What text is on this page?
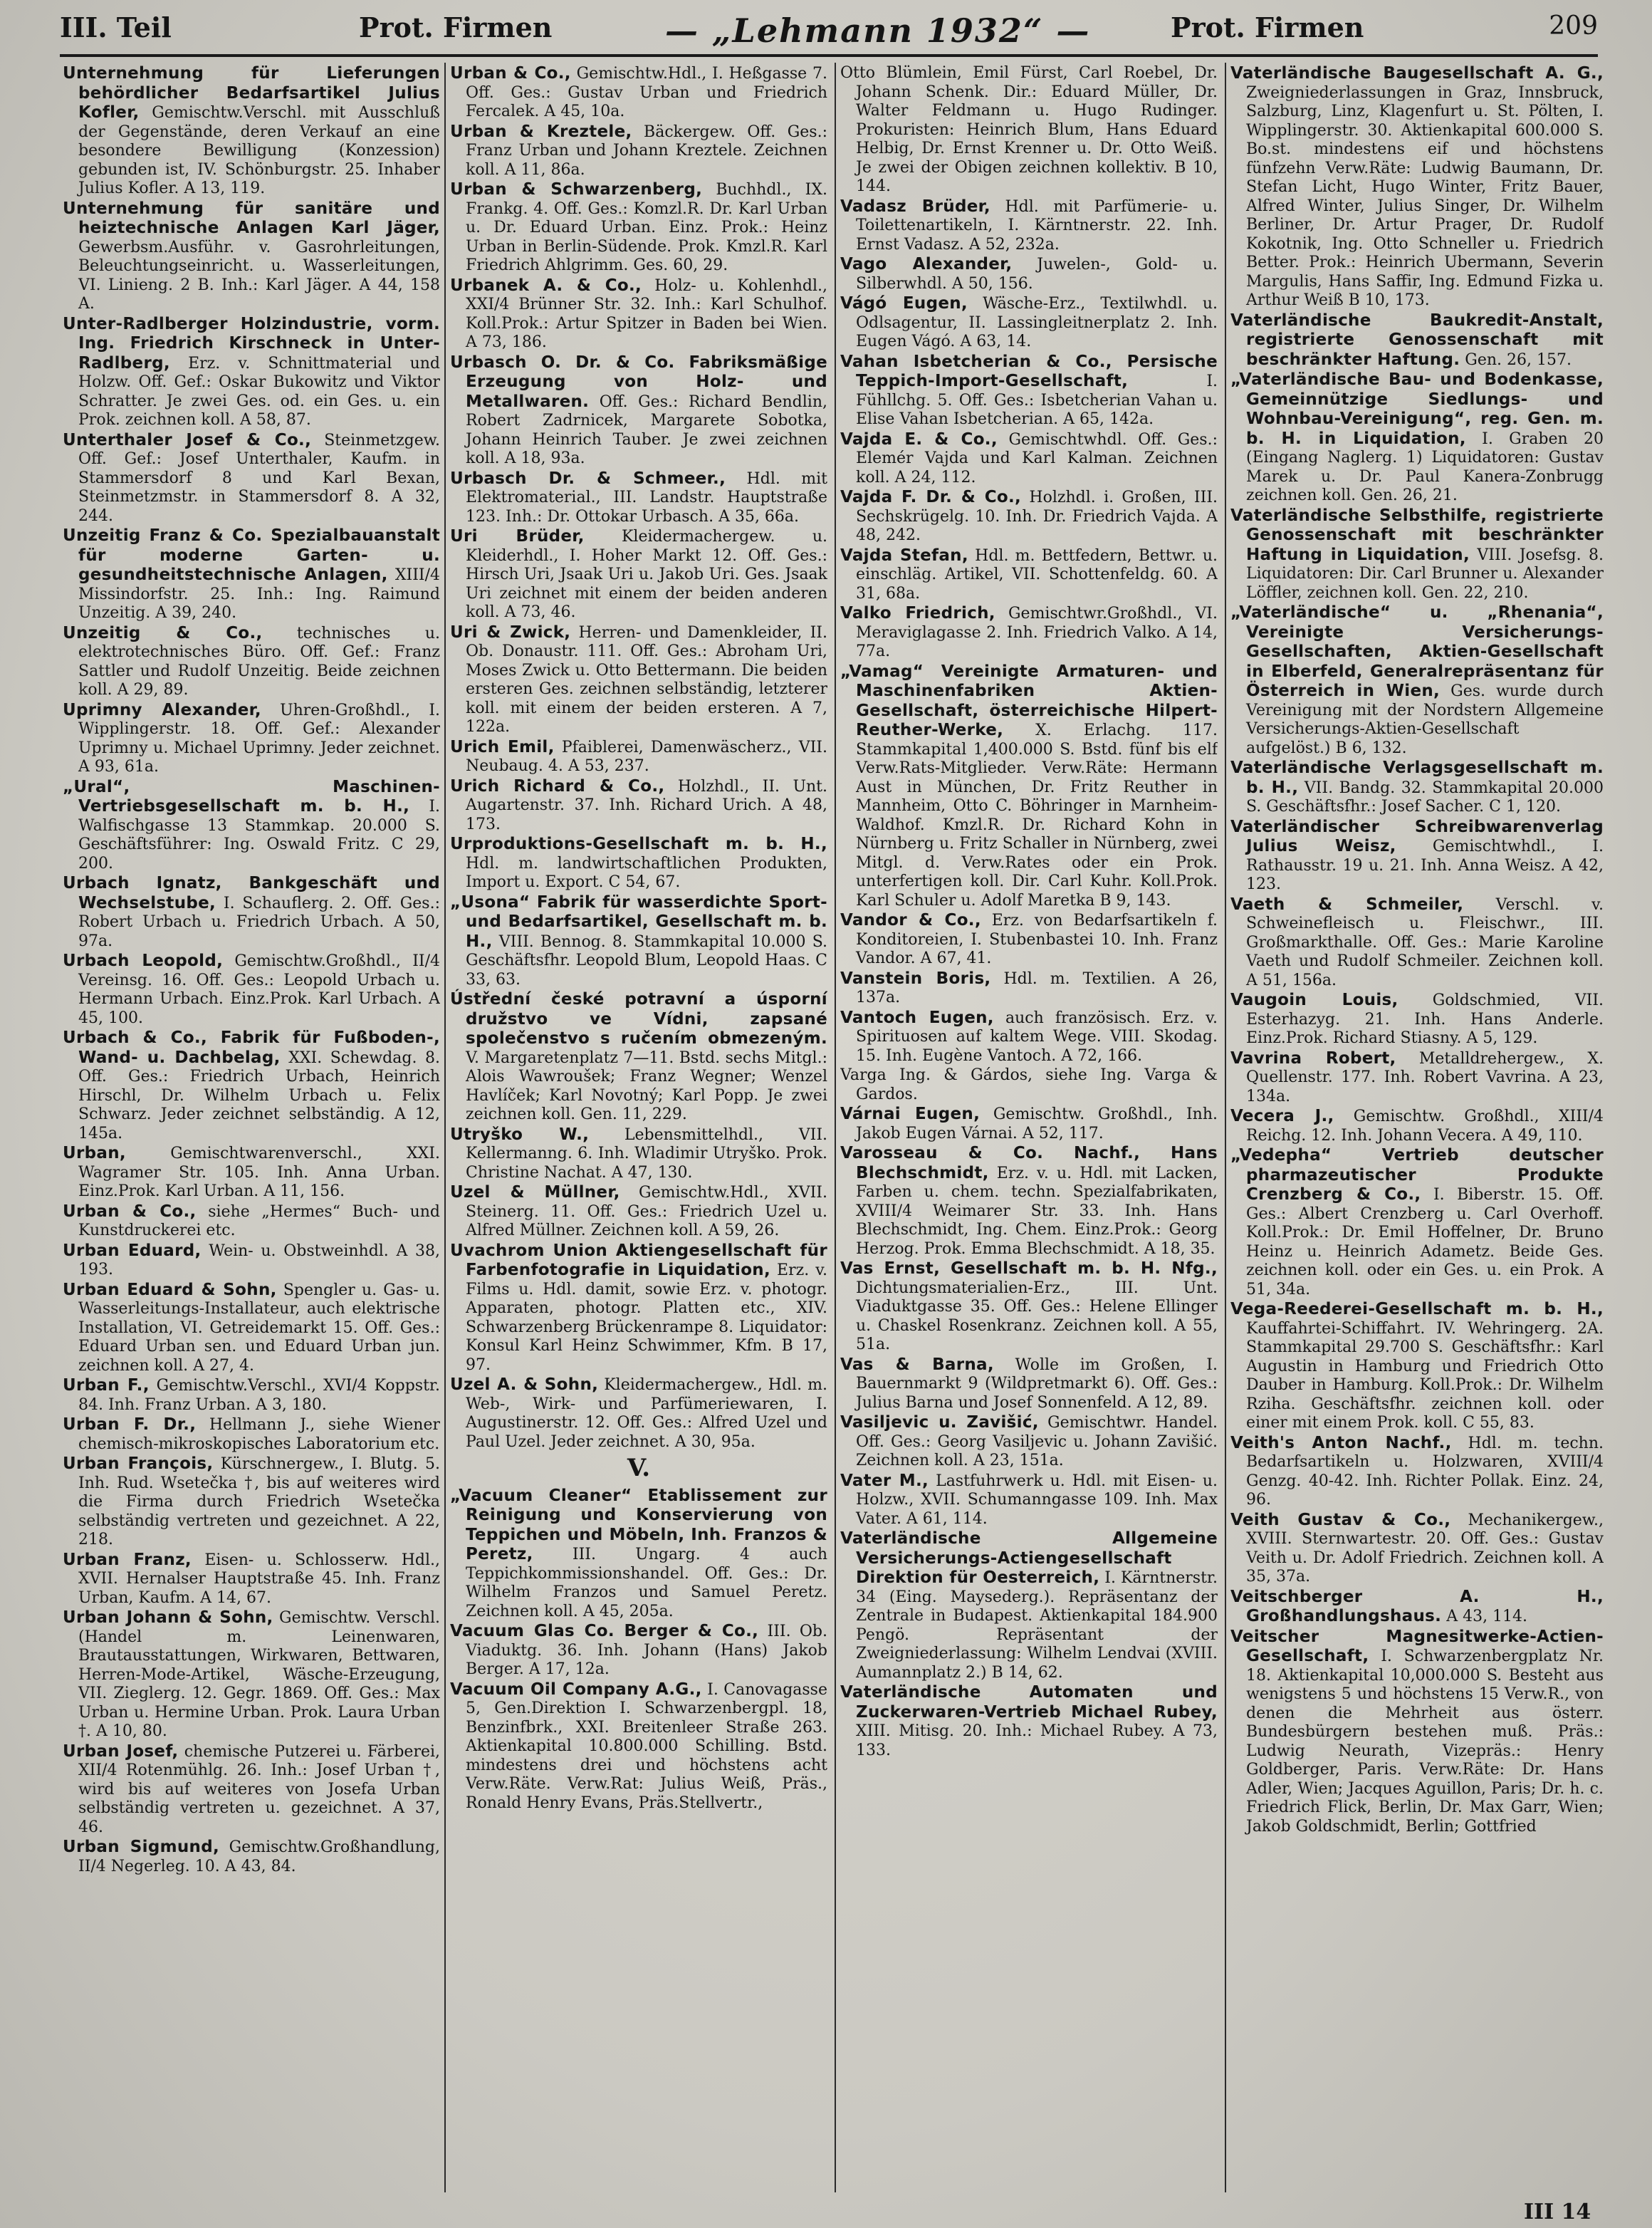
III. Teil	Prot. Firmen	— „Lehmann 1932“ —	Prot. Firmen	209

Unternehmung für Lieferungen behördlicher Bedarfsartikel Julius Kofler, Gemischtw.Verschl. mit Ausschluß der Gegenstände, deren Verkauf an eine besondere Bewilligung (Konzession) gebunden ist, IV. Schönburgstr. 25. Inhaber Julius Kofler. A 13, 119.

Unternehmung für sanitäre und heiztechnische Anlagen Karl Jäger, Gewerbsm.Ausführ. v. Gasrohrleitungen, Beleuchtungseinricht. u. Wasserleitungen, VI. Linieng. 2 B. Inh.: Karl Jäger. A 44, 158 A.

Unter-Radlberger Holzindustrie, vorm. Ing. Friedrich Kirschneck in Unter-Radlberg, Erz. v. Schnittmaterial und Holzw. Off. Gef.: Oskar Bukowitz und Viktor Schratter. Je zwei Ges. od. ein Ges. u. ein Prok. zeichnen koll. A 58, 87.

Unterthaler Josef & Co., Steinmetzgew. Off. Gef.: Josef Unterthaler, Kaufm. in Stammersdorf 8 und Karl Bexan, Steinmetzmstr. in Stammersdorf 8. A 32, 244.

Unzeitig Franz & Co. Spezialbauanstalt für moderne Garten- u. gesundheitstechnische Anlagen, XIII/4 Missindorfstr. 25. Inh.: Ing. Raimund Unzeitig. A 39, 240.

Unzeitig & Co., technisches u. elektrotechnisches Büro. Off. Gef.: Franz Sattler und Rudolf Unzeitig. Beide zeichnen koll. A 29, 89.

Uprimny Alexander, Uhren-Großhdl., I. Wipplingerstr. 18. Off. Gef.: Alexander Uprimny u. Michael Uprimny. Jeder zeichnet. A 93, 61a.

„Ural“, Maschinen-Vertriebsgesellschaft m. b. H., I. Walfischgasse 13 Stammkap. 20.000 S. Geschäftsführer: Ing. Oswald Fritz. C 29, 200.

Urbach Ignatz, Bankgeschäft und Wechselstube, I. Schauflerg. 2. Off. Ges.: Robert Urbach u. Friedrich Urbach. A 50, 97a.

Urbach Leopold, Gemischtw.Großhdl., II/4 Vereinsg. 16. Off. Ges.: Leopold Urbach u. Hermann Urbach. Einz.Prok. Karl Urbach. A 45, 100.

Urbach & Co., Fabrik für Fußboden-, Wand- u. Dachbelag, XXI. Schewdag. 8. Off. Ges.: Friedrich Urbach, Heinrich Hirschl, Dr. Wilhelm Urbach u. Felix Schwarz. Jeder zeichnet selbständig. A 12, 145a.

Urban,	Gemischtwarenverschl., XXI. Wagramer Str. 105. Inh. Anna Urban. Einz.Prok. Karl Urban. A 11, 156.

Urban & Co., siehe „Hermes“ Buch- und Kunstdruckerei etc.

Urban Eduard, Wein- u. Obstweinhdl. A 38, 193.

Urban Eduard & Sohn, Spengler u. Gas- u. Wasserleitungs-Installateur, auch elektrische Installation, VI. Getreidemarkt 15. Off. Ges.: Eduard Urban sen. und Eduard Urban jun. zeichnen koll. A 27, 4.

Urban F., Gemischtw.Verschl., XVI/4 Koppstr. 84. Inh. Franz Urban. A 3, 180.

Urban F. Dr., Hellmann J., siehe Wiener chemisch-mikroskopisches Laboratorium etc.

Urban François, Kürschnergew., I. Blutg. 5. Inh. Rud. Wsetečka †, bis auf weiteres wird die Firma durch Friedrich Wsetečka selbständig vertreten und gezeichnet. A 22, 218.

Urban Franz, Eisen- u. Schlosserw. Hdl., XVII. Hernalser Hauptstraße 45. Inh. Franz Urban, Kaufm. A 14, 67.

Urban Johann & Sohn, Gemischtw. Verschl. (Handel m. Leinenwaren, Brautausstattungen, Wirkwaren, Bettwaren, Herren-Mode-Artikel, Wäsche-Erzeugung, VII. Zieglerg. 12. Gegr. 1869. Off. Ges.: Max Urban u. Hermine Urban. Prok. Laura Urban †. A 10, 80.

Urban Josef, chemische Putzerei u. Färberei, XII/4 Rotenmühlg. 26. Inh.: Josef Urban †, wird bis auf weiteres von Josefa Urban selbständig vertreten u. gezeichnet. A 37, 46.

Urban Sigmund, Gemischtw.Großhandlung, II/4 Negerleg. 10. A 43, 84.

Urban & Co., Gemischtw.Hdl., I. Heßgasse 7. Off. Ges.: Gustav Urban und Friedrich Fercalek. A 45, 10a.

Urban & Kreztele, Bäckergew. Off. Ges.: Franz Urban und Johann Kreztele. Zeichnen koll. A 11, 86a.

Urban & Schwarzenberg, Buchhdl., IX. Frankg. 4. Off. Ges.: Komzl.R. Dr. Karl Urban u. Dr. Eduard Urban. Einz. Prok.: Heinz Urban in Berlin-Südende. Prok. Kmzl.R. Karl Friedrich Ahlgrimm. Ges. 60, 29.

Urbanek A. & Co., Holz- u. Kohlenhdl., XXI/4 Brünner Str. 32. Inh.: Karl Schulhof. Koll.Prok.: Artur Spitzer in Baden bei Wien. A 73, 186.

Urbasch O. Dr. & Co. Fabriksmäßige Erzeugung von Holz- und Metallwaren. Off. Ges.: Richard Bendlin, Robert Zadrnicek, Margarete Sobotka, Johann Heinrich Tauber. Je zwei zeichnen koll. A 18, 93a.

Urbasch Dr. & Schmeer., Hdl. mit Elektromaterial., III. Landstr. Hauptstraße 123. Inh.: Dr. Ottokar Urbasch. A 35, 66a.

Uri Brüder, Kleidermachergew. u. Kleiderhdl., I. Hoher Markt 12. Off. Ges.: Hirsch Uri, Jsaak Uri u. Jakob Uri. Ges. Jsaak Uri zeichnet mit einem der beiden anderen koll. A 73, 46.

Uri & Zwick, Herren- und Damenkleider, II. Ob. Donaustr. 111. Off. Ges.: Abroham Uri, Moses Zwick u. Otto Bettermann. Die beiden ersteren Ges. zeichnen selbständig, letzterer koll. mit einem der beiden ersteren. A 7, 122a.

Urich Emil, Pfaiblerei, Damenwäscherz., VII. Neubaug. 4. A 53, 237.

Urich Richard & Co., Holzhdl., II. Unt. Augartenstr. 37. Inh. Richard Urich. A 48, 173.

Urproduktions-Gesellschaft m. b. H., Hdl. m. landwirtschaftlichen Produkten, Import u. Export. C 54, 67.

„Usona“ Fabrik für wasserdichte Sport- und Bedarfsartikel, Gesellschaft m. b. H., VIII. Bennog. 8. Stammkapital 10.000 S. Geschäftsfhr. Leopold Blum, Leopold Haas. C 33, 63.

Ústřední české potravní a úsporní družstvo ve Vídni, zapsané společenstvo s ručením obmezeným. V. Margaretenplatz 7—11. Bstd. sechs Mitgl.: Alois Wawroušek; Franz Wegner; Wenzel Havlíček; Karl Novotný; Karl Popp. Je zwei zeichnen koll. Gen. 11, 229.

Utryško W., Lebensmittelhdl., VII. Kellermanng. 6. Inh. Wladimir Utryško. Prok. Christine Nachat. A 47, 130.

Uzel & Müllner, Gemischtw.Hdl., XVII. Steinerg. 11. Off. Ges.: Friedrich Uzel u. Alfred Müllner. Zeichnen koll. A 59, 26.

Uvachrom Union Aktiengesellschaft für Farbenfotografie in Liquidation, Erz. v. Films u. Hdl. damit, sowie Erz. v. photogr. Apparaten, photogr. Platten etc., XIV. Schwarzenberg Brückenrampe 8. Liquidator: Konsul Karl Heinz Schwimmer, Kfm. B 17, 97.

Uzel A. & Sohn, Kleidermachergew., Hdl. m. Web-, Wirk- und Parfümeriewaren, I. Augustinerstr. 12. Off. Ges.: Alfred Uzel und Paul Uzel. Jeder zeichnet. A 30, 95a.

V.

„Vacuum Cleaner“ Etablissement zur Reinigung und Konservierung von Teppichen und Möbeln, Inh. Franzos & Peretz,	III. Ungarg. 4 auch Teppichkommissionshandel. Off. Ges.: Dr. Wilhelm Franzos und Samuel Peretz. Zeichnen koll. A 45, 205a.

Vacuum Glas Co. Berger & Co., III. Ob. Viaduktg. 36. Inh. Johann (Hans) Jakob Berger. A 17, 12a.

Vacuum Oil Company A.G., I. Canovagasse 5, Gen.Direktion I. Schwarzenbergpl. 18, Benzinfbrk., XXI. Breitenleer Straße 263. Aktienkapital 10.800.000 Schilling. Bstd. mindestens drei und höchstens acht Verw.Räte. Verw.Rat: Julius Weiß, Präs., Ronald Henry Evans, Präs.Stellvertr.,

Otto Blümlein, Emil Fürst, Carl Roebel, Dr. Johann Schenk. Dir.: Eduard Müller, Dr. Walter Feldmann u. Hugo Rudinger. Prokuristen: Heinrich Blum, Hans Eduard Helbig, Dr. Ernst Krenner u. Dr. Otto Weiß. Je zwei der Obigen zeichnen kollektiv. B 10, 144.

Vadasz Brüder, Hdl. mit Parfümerie- u. Toilettenartikeln, I. Kärntnerstr. 22. Inh. Ernst Vadasz. A 52, 232a.

Vago Alexander, Juwelen-, Gold- u. Silberwhdl. A 50, 156.

Vágó Eugen, Wäsche-Erz., Textilwhdl. u. Odlsagentur, II. Lassingleitnerplatz 2. Inh. Eugen Vágó. A 63, 14.

Vahan Isbetcherian & Co., Persische Teppich-Import-Gesellschaft,	I. Fühllchg. 5. Off. Ges.: Isbetcherian Vahan u. Elise Vahan Isbetcherian. A 65, 142a.

Vajda E. & Co., Gemischtwhdl. Off. Ges.: Elemér Vajda und Karl Kalman. Zeichnen koll. A 24, 112.

Vajda F. Dr. & Co., Holzhdl. i. Großen, III. Sechskrügelg. 10. Inh. Dr. Friedrich Vajda. A 48, 242.

Vajda Stefan, Hdl. m. Bettfedern, Bettwr. u. einschläg. Artikel, VII. Schottenfeldg. 60. A 31, 68a.

Valko Friedrich, Gemischtwr.Großhdl., VI. Meraviglagasse 2. Inh. Friedrich Valko. A 14, 77a.

„Vamag“ Vereinigte Armaturen- und Maschinenfabriken Aktien-Gesellschaft, österreichische Hilpert-Reuther-Werke, X. Erlachg. 117. Stammkapital 1,400.000 S. Bstd. fünf bis elf Verw.Rats-Mitglieder. Verw.Räte: Hermann Aust in München, Dr. Fritz Reuther in Mannheim, Otto C. Böhringer in Marnheim-Waldhof. Kmzl.R. Dr. Richard Kohn in Nürnberg u. Fritz Schaller in Nürnberg, zwei Mitgl. d. Verw.Rates oder ein Prok. unterfertigen koll. Dir. Carl Kuhr. Koll.Prok. Karl Schuler u. Adolf Maretka B 9, 143.

Vandor & Co., Erz. von Bedarfsartikeln f. Konditoreien, I. Stubenbastei 10. Inh. Franz Vandor. A 67, 41.

Vanstein Boris, Hdl. m. Textilien. A 26, 137a.

Vantoch Eugen, auch französisch. Erz. v. Spirituosen auf kaltem Wege. VIII. Skodag. 15. Inh. Eugène Vantoch. A 72, 166.

Varga Ing. & Gárdos, siehe Ing. Varga & Gardos.

Várnai Eugen, Gemischtw. Großhdl., Inh. Jakob Eugen Várnai. A 52, 117.

Varosseau & Co. Nachf., Hans Blechschmidt, Erz. v. u. Hdl. mit Lacken, Farben u. chem. techn. Spezialfabrikaten, XVIII/4 Weimarer Str. 33. Inh. Hans Blechschmidt, Ing. Chem. Einz.Prok.: Georg Herzog. Prok. Emma Blechschmidt. A 18, 35.

Vas Ernst, Gesellschaft m. b. H. Nfg., Dichtungsmaterialien-Erz., III. Unt. Viaduktgasse 35. Off. Ges.: Helene Ellinger u. Chaskel Rosenkranz. Zeichnen koll. A 55, 51a.

Vas & Barna, Wolle im Großen, I. Bauernmarkt 9 (Wildpretmarkt 6). Off. Ges.: Julius Barna und Josef Sonnenfeld. A 12, 89.

Vasiljevic u. Zavišić, Gemischtwr. Handel. Off. Ges.: Georg Vasiljevic u. Johann Zavišić. Zeichnen koll. A 23, 151a.

Vater M., Lastfuhrwerk u. Hdl. mit Eisen- u. Holzw., XVII. Schumanngasse 109. Inh. Max Vater. A 61, 114.

Vaterländische Allgemeine Versicherungs-Actiengesellschaft Direktion für Oesterreich, I. Kärntnerstr. 34 (Eing. Maysederg.). Repräsentanz der Zentrale in Budapest. Aktienkapital 184.900 Pengö. Repräsentant der Zweigniederlassung: Wilhelm Lendvai (XVIII. Aumannplatz 2.) B 14, 62.

Vaterländische Automaten und Zuckerwaren-Vertrieb Michael Rubey, XIII. Mitisg. 20. Inh.: Michael Rubey. A 73, 133.

Vaterländische Baugesellschaft A. G., Zweigniederlassungen in Graz, Innsbruck, Salzburg, Linz, Klagenfurt u. St. Pölten, I. Wipplingerstr. 30. Aktienkapital 600.000 S. Bo.st. mindestens eif und höchstens fünfzehn Verw.Räte: Ludwig Baumann, Dr. Stefan Licht, Hugo Winter, Fritz Bauer, Alfred Winter, Julius Singer, Dr. Wilhelm Berliner, Dr. Artur Prager, Dr. Rudolf Kokotnik, Ing. Otto Schneller u. Friedrich Better. Prok.: Heinrich Ubermann, Severin Margulis, Hans Saffir, Ing. Edmund Fizka u. Arthur Weiß B 10, 173.

Vaterländische Baukredit-Anstalt, registrierte Genossenschaft mit beschränkter Haftung. Gen. 26, 157.

„Vaterländische Bau- und Bodenkasse, Gemeinnützige Siedlungs- und Wohnbau-Vereinigung“, reg. Gen. m. b. H. in Liquidation, I. Graben 20 (Eingang Naglerg. 1) Liquidatoren: Gustav Marek u. Dr. Paul Kanera-Zonbrugg zeichnen koll. Gen. 26, 21.

Vaterländische Selbsthilfe, registrierte Genossenschaft mit beschränkter Haftung in Liquidation, VIII. Josefsg. 8. Liquidatoren: Dir. Carl Brunner u. Alexander Löffler, zeichnen koll. Gen. 22, 210.

„Vaterländische“ u. „Rhenania“, Vereinigte Versicherungs-Gesellschaften, Aktien-Gesellschaft in Elberfeld, Generalrepräsentanz für Österreich in Wien, Ges. wurde durch Vereinigung mit der Nordstern Allgemeine Versicherungs-Aktien-Gesellschaft aufgelöst.) B 6, 132.

Vaterländische Verlagsgesellschaft m. b. H., VII. Bandg. 32. Stammkapital 20.000 S. Geschäftsfhr.: Josef Sacher. C 1, 120.

Vaterländischer Schreibwarenverlag Julius Weisz, Gemischtwhdl., I. Rathausstr. 19 u. 21. Inh. Anna Weisz. A 42, 123.

Vaeth & Schmeiler, Verschl. v. Schweinefleisch u. Fleischwr., III. Großmarkthalle. Off. Ges.: Marie Karoline Vaeth und Rudolf Schmeiler. Zeichnen koll. A 51, 156a.

Vaugoin Louis, Goldschmied, VII. Esterhazyg. 21. Inh. Hans Anderle. Einz.Prok. Richard Stiasny. A 5, 129.

Vavrina Robert, Metalldrehergew., X. Quellenstr. 177. Inh. Robert Vavrina. A 23, 134a.

Vecera J., Gemischtw. Großhdl., XIII/4 Reichg. 12. Inh. Johann Vecera. A 49, 110.

„Vedepha“ Vertrieb deutscher pharmazeutischer Produkte Crenzberg & Co., I. Biberstr. 15. Off. Ges.: Albert Crenzberg u. Carl Overhoff. Koll.Prok.: Dr. Emil Hoffelner, Dr. Bruno Heinz u. Heinrich Adametz. Beide Ges. zeichnen koll. oder ein Ges. u. ein Prok. A 51, 34a.

Vega-Reederei-Gesellschaft m. b. H., Kauffahrtei-Schiffahrt. IV. Wehringerg. 2A. Stammkapital 29.700 S. Geschäftsfhr.: Karl Augustin in Hamburg und Friedrich Otto Dauber in Hamburg. Koll.Prok.: Dr. Wilhelm Rziha. Geschäftsfhr. zeichnen koll. oder einer mit einem Prok. koll. C 55, 83.

Veith's Anton Nachf., Hdl. m. techn. Bedarfsartikeln u. Holzwaren, XVIII/4 Genzg. 40-42. Inh. Richter Pollak. Einz. 24, 96.

Veith Gustav & Co., Mechanikergew., XVIII. Sternwartestr. 20. Off. Ges.: Gustav Veith u. Dr. Adolf Friedrich. Zeichnen koll. A 35, 37a.

Veitschberger A. H., Großhandlungshaus. A 43, 114.

Veitscher Magnesitwerke-Actien-Gesellschaft, I. Schwarzenbergplatz Nr. 18. Aktienkapital 10,000.000 S. Besteht aus wenigstens 5 und höchstens 15 Verw.R., von denen die Mehrheit aus österr. Bundesbürgern bestehen muß. Präs.: Ludwig Neurath, Vizepräs.: Henry Goldberger, Paris. Verw.Räte: Dr. Hans Adler, Wien; Jacques Aguillon, Paris; Dr. h. c. Friedrich Flick, Berlin, Dr. Max Garr, Wien; Jakob Goldschmidt, Berlin; Gottfried

III 14
